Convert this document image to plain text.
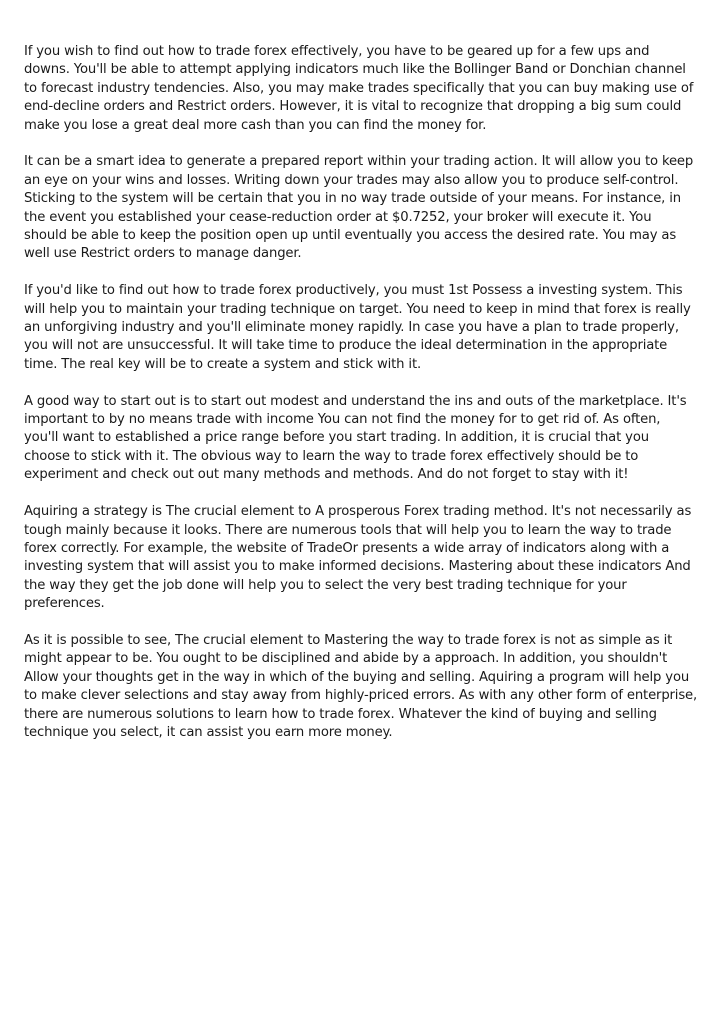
If you wish to find out how to trade forex effectively, you have to be geared up for a few ups and downs. You'll be able to attempt applying indicators much like the Bollinger Band or Donchian channel to forecast industry tendencies. Also, you may make trades specifically that you can buy making use of end-decline orders and Restrict orders. However, it is vital to recognize that dropping a big sum could make you lose a great deal more cash than you can find the money for.

It can be a smart idea to generate a prepared report within your trading action. It will allow you to keep an eye on your wins and losses. Writing down your trades may also allow you to produce self-control. Sticking to the system will be certain that you in no way trade outside of your means. For instance, in the event you established your cease-reduction order at $0.7252, your broker will execute it. You should be able to keep the position open up until eventually you access the desired rate. You may as well use Restrict orders to manage danger.

If you'd like to find out how to trade forex productively, you must 1st Possess a investing system. This will help you to maintain your trading technique on target. You need to keep in mind that forex is really an unforgiving industry and you'll eliminate money rapidly. In case you have a plan to trade properly, you will not are unsuccessful. It will take time to produce the ideal determination in the appropriate time. The real key will be to create a system and stick with it.

A good way to start out is to start out modest and understand the ins and outs of the marketplace. It's important to by no means trade with income You can not find the money for to get rid of. As often, you'll want to established a price range before you start trading. In addition, it is crucial that you choose to stick with it. The obvious way to learn the way to trade forex effectively should be to experiment and check out out many methods and methods. And do not forget to stay with it!

Aquiring a strategy is The crucial element to A prosperous Forex trading method. It's not necessarily as tough mainly because it looks. There are numerous tools that will help you to learn the way to trade forex correctly. For example, the website of TradeOr presents a wide array of indicators along with a investing system that will assist you to make informed decisions. Mastering about these indicators And the way they get the job done will help you to select the very best trading technique for your preferences.

As it is possible to see, The crucial element to Mastering the way to trade forex is not as simple as it might appear to be. You ought to be disciplined and abide by a approach. In addition, you shouldn't Allow your thoughts get in the way in which of the buying and selling. Aquiring a program will help you to make clever selections and stay away from highly-priced errors. As with any other form of enterprise, there are numerous solutions to learn how to trade forex. Whatever the kind of buying and selling technique you select, it can assist you earn more money.
